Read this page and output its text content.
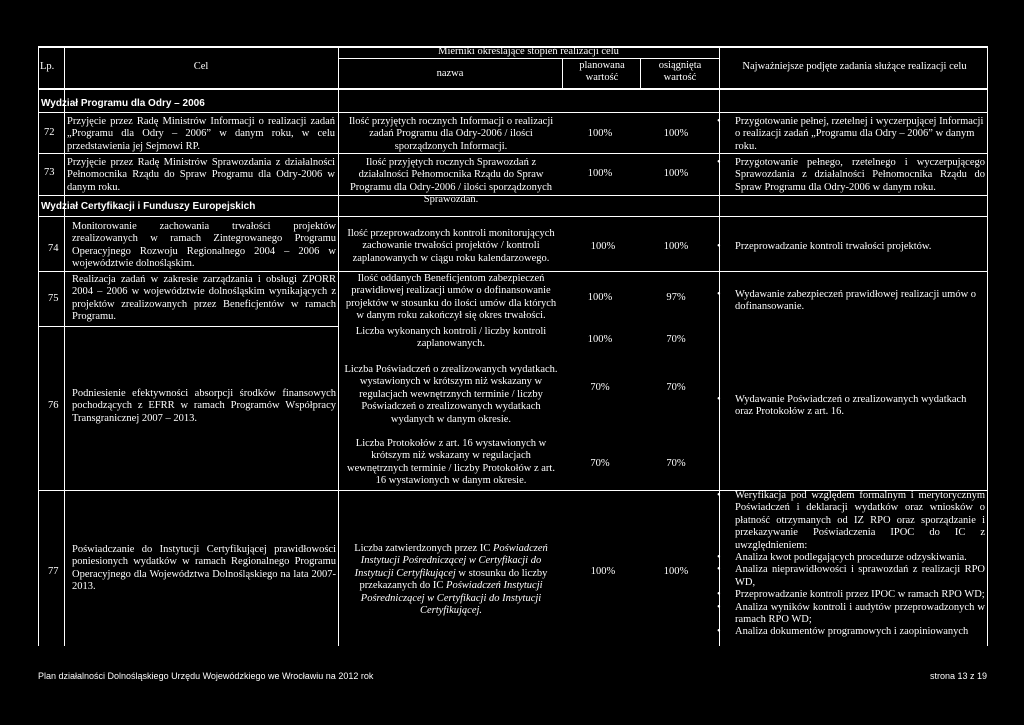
Lp.	Cel
Mierniki określające stopień realizacji celu
nazwa
planowana wartość
osiągnięta wartość
Najważniejsze podjęte zadania służące realizacji celu
Wydział Programu dla Odry – 2006
72
Przyjęcie przez Radę Ministrów Informacji o realizacji zadań „Programu dla Odry – 2006” w danym roku, w celu przedstawienia jej Sejmowi RP.
Ilość przyjętych rocznych Informacji o realizacji zadań Programu dla Odry-2006 / ilości sporządzonych Informacji.
100%	100%
• Przygotowanie pełnej, rzetelnej i wyczerpującej Informacji o realizacji zadań „Programu dla Odry – 2006” w danym roku.
73
Przyjęcie przez Radę Ministrów Sprawozdania z działalności Pełnomocnika Rządu do Spraw Programu dla Odry-2006 w danym roku.
Ilość przyjętych rocznych Sprawozdań z działalności Pełnomocnika Rządu do Spraw Programu dla Odry-2006 / ilości sporządzonych Sprawozdań.
100%	100%
• Przygotowanie pełnego, rzetelnego i wyczerpującego Sprawozdania z działalności Pełnomocnika Rządu do Spraw Programu dla Odry-2006 w danym roku.
Wydział Certyfikacji i Funduszy Europejskich
74
Monitorowanie zachowania trwałości projektów zrealizowanych w ramach Zintegrowanego Programu Operacyjnego Rozwoju Regionalnego 2004 – 2006 w województwie dolnośląskim.
Ilość przeprowadzonych kontroli monitorujących zachowanie trwałości projektów / kontroli zaplanowanych w ciągu roku kalendarzowego.
100%	100%
•	Przeprowadzanie kontroli trwałości projektów.
75
Realizacja zadań w zakresie zarządzania i obsługi ZPORR 2004 – 2006 w województwie dolnośląskim wynikających z projektów zrealizowanych przez Beneficjentów w ramach Programu.
Ilość oddanych Beneficjentom zabezpieczeń prawidłowej realizacji umów o dofinansowanie projektów w stosunku do ilości umów dla których w danym roku zakończył się okres trwałości.
100%	97%
Liczba wykonanych kontroli / liczby kontroli zaplanowanych.	100%	70%
• Wydawanie zabezpieczeń prawidłowej realizacji umów o dofinansowanie.
76
Podniesienie efektywności absorpcji środków finansowych pochodzących z EFRR w ramach Programów Współpracy Transgranicznej 2007 – 2013.
Liczba Poświadczeń o zrealizowanych wydatkach. wystawionych w krótszym niż wskazany w regulacjach wewnętrznych terminie / liczby Poświadczeń o zrealizowanych wydatkach wydanych w danym okresie.
70%	70%
Liczba Protokołów z art. 16 wystawionych w krótszym niż wskazany w regulacjach wewnętrznych terminie / liczby Protokołów z art. 16 wystawionych w danym okresie.
70%	70%
• Wydawanie Poświadczeń o zrealizowanych wydatkach oraz Protokołów z art. 16.
77
Poświadczanie do Instytucji Certyfikującej prawidłowości poniesionych wydatków w ramach Regionalnego Programu Operacyjnego dla Województwa Dolnośląskiego na lata 2007-2013.
Liczba zatwierdzonych przez IC Poświadczeń Instytucji Pośredniczącej w Certyfikacji do Instytucji Certyfikującej w stosunku do liczby przekazanych do IC Poświadczeń Instytucji Pośredniczącej w Certyfikacji do Instytucji Certyfikującej.
100%	100%
• Weryfikacja pod względem formalnym i merytorycznym Poświadczeń i deklaracji wydatków oraz wniosków o płatność otrzymanych od IZ RPO oraz sporządzanie i przekazywanie Poświadczenia IPOC do IC z uwzględnieniem:
• Analiza kwot podlegających procedurze odzyskiwania.
• Analiza nieprawidłowości i sprawozdań z realizacji RPO WD,
• Przeprowadzanie kontroli przez IPOC w ramach RPO WD;
• Analiza wyników kontroli i audytów przeprowadzonych w ramach RPO WD;
• Analiza dokumentów programowych i zaopiniowanych
Plan działalności Dolnośląskiego Urzędu Wojewódzkiego we Wrocławiu na 2012 rok	strona 13 z 19
